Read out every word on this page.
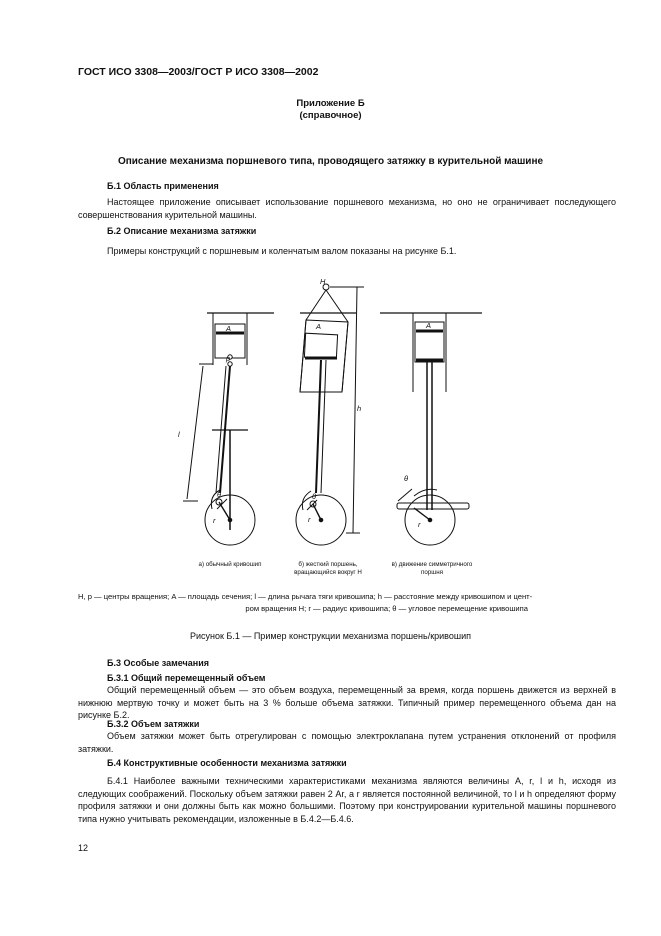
ГОСТ ИСО 3308—2003/ГОСТ Р ИСО 3308—2002
Приложение Б
(справочное)
Описание механизма поршневого типа, проводящего затяжку в курительной машине
Б.1 Область применения
Настоящее приложение описывает использование поршневого механизма, но оно не ограничивает последующего совершенствования курительной машины.
Б.2 Описание механизма затяжки
Примеры конструкций с поршневым и коленчатым валом показаны на рисунке Б.1.
A
p
l
θ
r
H
A
h
θ
r
A
θ
r
a) обычный кривошип	б) жесткий поршень,
вращающийся вокруг H
в) движение симметричного
поршня
H, p — центры вращения; A — площадь сечения; l — длина рычага тяги кривошипа; h — расстояние между кривошипом и цент-
ром вращения H; r — радиус кривошипа; θ — угловое перемещение кривошипа
Рисунок Б.1 — Пример конструкции механизма поршень/кривошип
Б.3 Особые замечания
Б.3.1 Общий перемещенный объем
Общий перемещенный объем — это объем воздуха, перемещенный за время, когда поршень движется из верхней в нижнюю мертвую точку и может быть на 3 % больше объема затяжки. Типичный пример перемещенного объема дан на рисунке Б.2.
Б.3.2 Объем затяжки
Объем затяжки может быть отрегулирован с помощью электроклапана путем устранения отклонений от профиля затяжки.
Б.4 Конструктивные особенности механизма затяжки
Б.4.1 Наиболее важными техническими характеристиками механизма являются величины A, r, l и h, исходя из следующих соображений. Поскольку объем затяжки равен 2 Ar, а r является постоянной величиной, то l и h определяют форму профиля затяжки и они должны быть как можно большими. Поэтому при конструировании курительной машины поршневого типа нужно учитывать рекомендации, изложенные в Б.4.2—Б.4.6.
12
